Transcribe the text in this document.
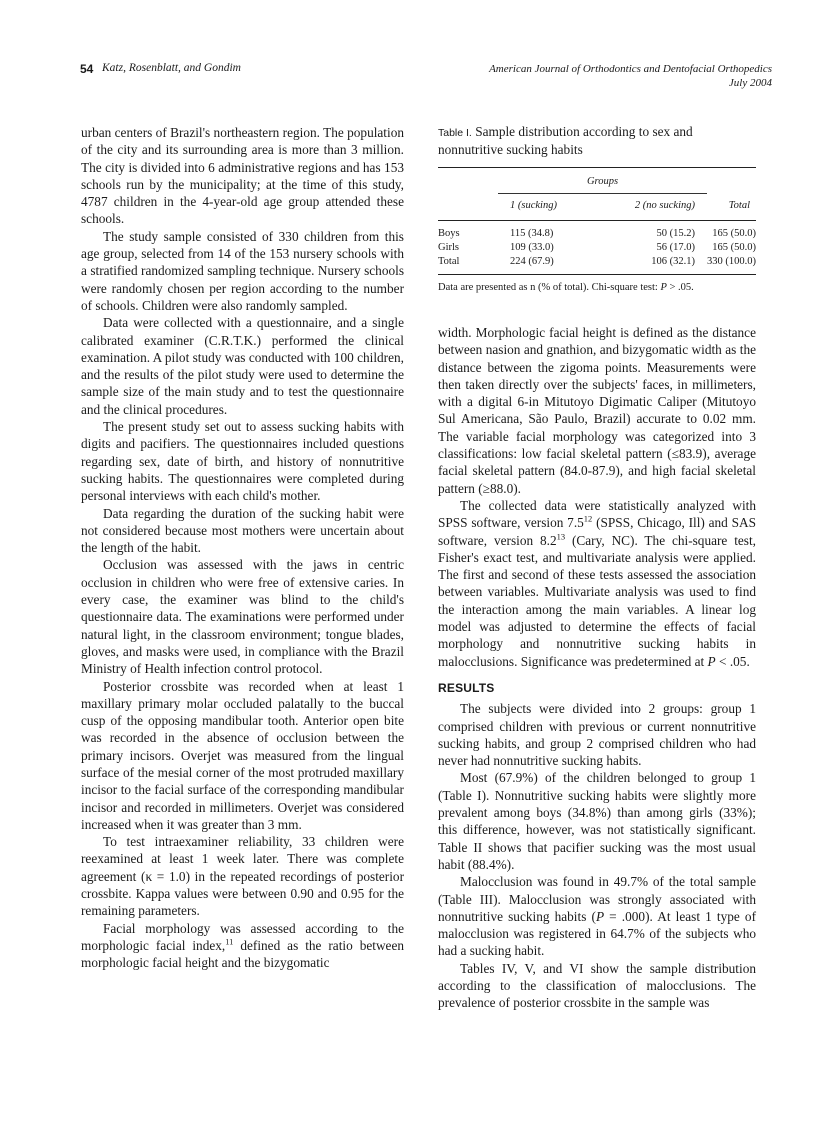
54 Katz, Rosenblatt, and Gondim	American Journal of Orthodontics and Dentofacial Orthopedics
July 2004

urban centers of Brazil's northeastern region. The population of the city and its surrounding area is more than 3 million. The city is divided into 6 administrative regions and has 153 schools run by the municipality; at the time of this study, 4787 children in the 4-year-old age group attended these schools.

The study sample consisted of 330 children from this age group, selected from 14 of the 153 nursery schools with a stratified randomized sampling technique. Nursery schools were randomly chosen per region according to the number of schools. Children were also randomly sampled.

Data were collected with a questionnaire, and a single calibrated examiner (C.R.T.K.) performed the clinical examination. A pilot study was conducted with 100 children, and the results of the pilot study were used to determine the sample size of the main study and to test the questionnaire and the clinical procedures.

The present study set out to assess sucking habits with digits and pacifiers. The questionnaires included questions regarding sex, date of birth, and history of nonnutritive sucking habits. The questionnaires were completed during personal interviews with each child's mother.

Data regarding the duration of the sucking habit were not considered because most mothers were uncertain about the length of the habit.

Occlusion was assessed with the jaws in centric occlusion in children who were free of extensive caries. In every case, the examiner was blind to the child's questionnaire data. The examinations were performed under natural light, in the classroom environment; tongue blades, gloves, and masks were used, in compliance with the Brazil Ministry of Health infection control protocol.

Posterior crossbite was recorded when at least 1 maxillary primary molar occluded palatally to the buccal cusp of the opposing mandibular tooth. Anterior open bite was recorded in the absence of occlusion between the primary incisors. Overjet was measured from the lingual surface of the mesial corner of the most protruded maxillary incisor to the facial surface of the corresponding mandibular incisor and recorded in millimeters. Overjet was considered increased when it was greater than 3 mm.

To test intraexaminer reliability, 33 children were reexamined at least 1 week later. There was complete agreement (κ = 1.0) in the repeated recordings of posterior crossbite. Kappa values were between 0.90 and 0.95 for the remaining parameters.

Facial morphology was assessed according to the morphologic facial index,$^{11}$ defined as the ratio between morphologic facial height and the bizygomatic

Table I. Sample distribution according to sex and nonnutritive sucking habits

	Groups		
	1 (sucking)	2 (no sucking)	Total
Boys	115 (34.8)	50 (15.2)	165 (50.0)
Girls	109 (33.0)	56 (17.0)	165 (50.0)
Total	224 (67.9)	106 (32.1)	330 (100.0)
Data are presented as n (% of total). Chi-square test: P > .05.

width. Morphologic facial height is defined as the distance between nasion and gnathion, and bizygomatic width as the distance between the zigoma points. Measurements were then taken directly over the subjects' faces, in millimeters, with a digital 6-in Mitutoyo Digimatic Caliper (Mitutoyo Sul Americana, São Paulo, Brazil) accurate to 0.02 mm. The variable facial morphology was categorized into 3 classifications: low facial skeletal pattern (≤83.9), average facial skeletal pattern (84.0-87.9), and high facial skeletal pattern (≥88.0).

The collected data were statistically analyzed with SPSS software, version $7.5^{12}$ (SPSS, Chicago, Ill) and SAS software, version $8.2^{13}$ (Cary, NC). The chi-square test, Fisher's exact test, and multivariate analysis were applied. The first and second of these tests assessed the association between variables. Multivariate analysis was used to find the interaction among the main variables. A linear log model was adjusted to determine the effects of facial morphology and nonnutritive sucking habits in malocclusions. Significance was predetermined at P < .05.

RESULTS

The subjects were divided into 2 groups: group 1 comprised children with previous or current nonnutritive sucking habits, and group 2 comprised children who had never had nonnutritive sucking habits.

Most (67.9%) of the children belonged to group 1 (Table I). Nonnutritive sucking habits were slightly more prevalent among boys (34.8%) than among girls (33%); this difference, however, was not statistically significant. Table II shows that pacifier sucking was the most usual habit (88.4%).

Malocclusion was found in 49.7% of the total sample (Table III). Malocclusion was strongly associated with nonnutritive sucking habits (P = .000). At least 1 type of malocclusion was registered in 64.7% of the subjects who had a sucking habit.

Tables IV, V, and VI show the sample distribution according to the classification of malocclusions. The prevalence of posterior crossbite in the sample was
